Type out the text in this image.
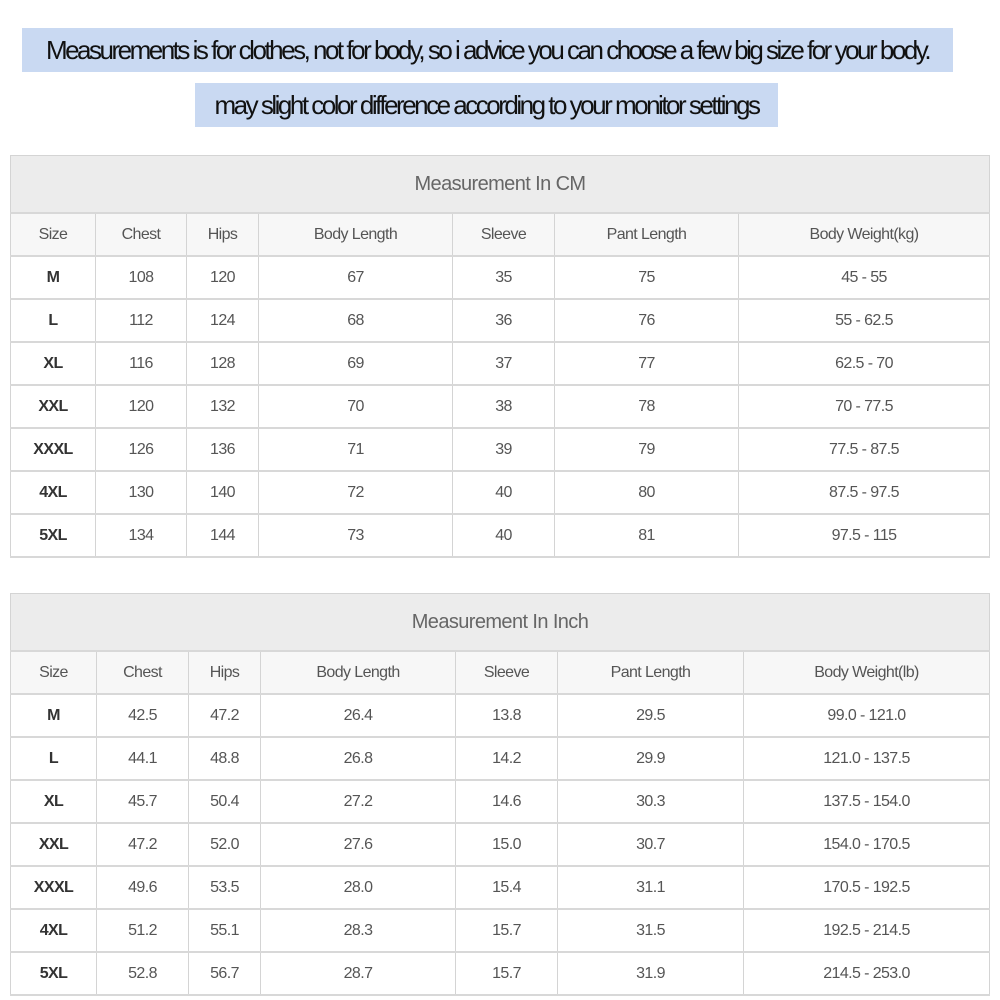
Measurements is for clothes, not for body, so i advice you can choose a few big size for your body.
may slight color difference according to your monitor settings
Measurement In CM						
Size	Chest	Hips	Body Length	Sleeve	Pant Length	Body Weight(kg)
M	108	120	67	35	75	45 - 55
L	112	124	68	36	76	55 - 62.5
XL	116	128	69	37	77	62.5 - 70
XXL	120	132	70	38	78	70 - 77.5
XXXL	126	136	71	39	79	77.5 - 87.5
4XL	130	140	72	40	80	87.5 - 97.5
5XL	134	144	73	40	81	97.5 - 115
Measurement In Inch						
Size	Chest	Hips	Body Length	Sleeve	Pant Length	Body Weight(lb)
M	42.5	47.2	26.4	13.8	29.5	99.0 - 121.0
L	44.1	48.8	26.8	14.2	29.9	121.0 - 137.5
XL	45.7	50.4	27.2	14.6	30.3	137.5 - 154.0
XXL	47.2	52.0	27.6	15.0	30.7	154.0 - 170.5
XXXL	49.6	53.5	28.0	15.4	31.1	170.5 - 192.5
4XL	51.2	55.1	28.3	15.7	31.5	192.5 - 214.5
5XL	52.8	56.7	28.7	15.7	31.9	214.5 - 253.0
